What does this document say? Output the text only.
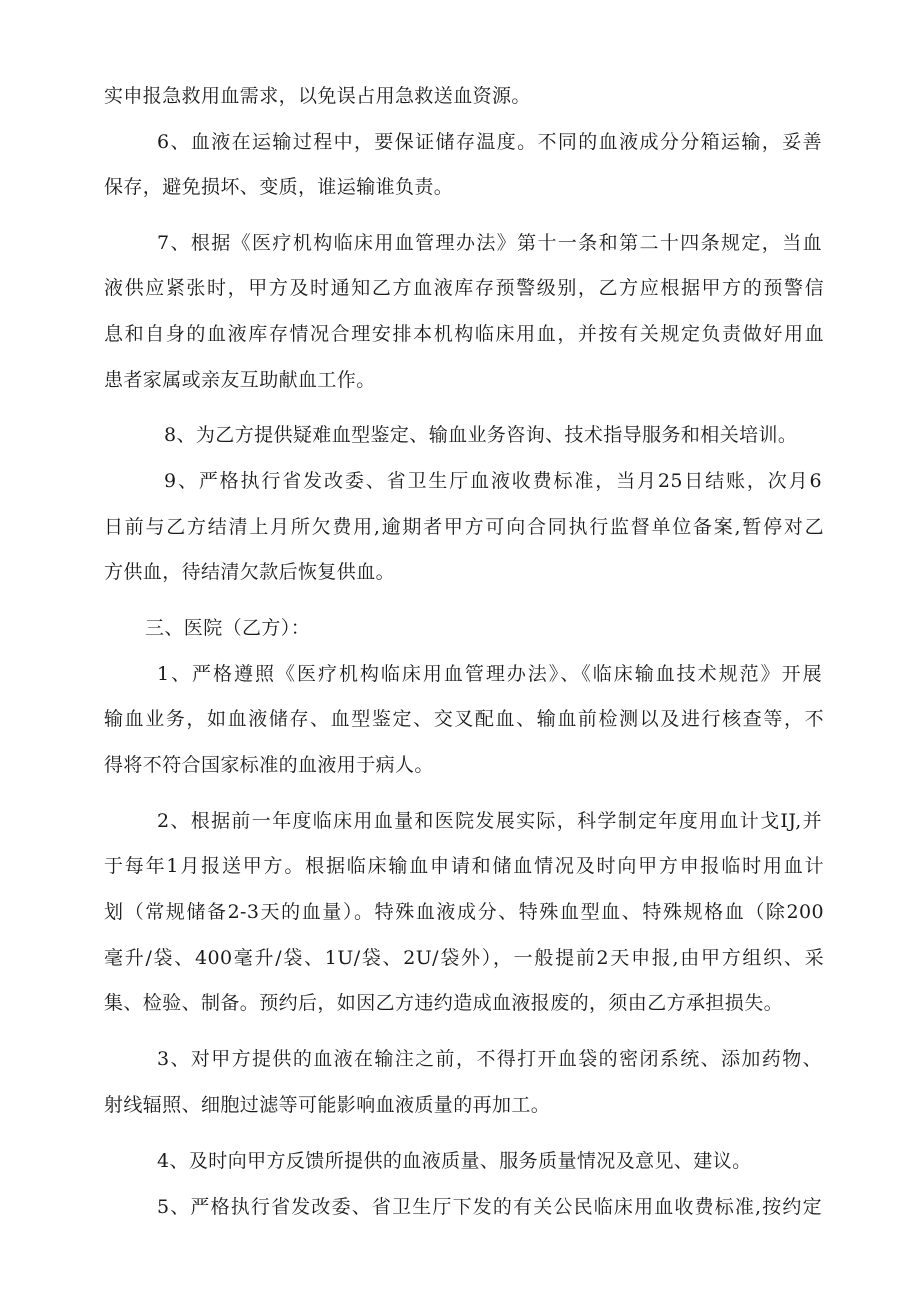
实申报急救用血需求，以免误占用急救送血资源。
6、血液在运输过程中，要保证储存温度。不同的血液成分分箱运输，妥善
保存，避免损坏、变质，谁运输谁负责。
7、根据《医疗机构临床用血管理办法》第十一条和第二十四条规定，当血
液供应紧张时，甲方及时通知乙方血液库存预警级别，乙方应根据甲方的预警信
息和自身的血液库存情况合理安排本机构临床用血，并按有关规定负责做好用血
患者家属或亲友互助献血工作。
8、为乙方提供疑难血型鉴定、输血业务咨询、技术指导服务和相关培训。
9、严格执行省发改委、省卫生厅血液收费标准，当月25日结账，次月6
日前与乙方结清上月所欠费用,逾期者甲方可向合同执行监督单位备案,暂停对乙
方供血，待结清欠款后恢复供血。
三、医院（乙方）：
1、严格遵照《医疗机构临床用血管理办法》、《临床输血技术规范》开展
输血业务，如血液储存、血型鉴定、交叉配血、输血前检测以及进行核查等，不
得将不符合国家标准的血液用于病人。
2、根据前一年度临床用血量和医院发展实际，科学制定年度用血计戈IJ,并
于每年1月报送甲方。根据临床输血申请和储血情况及时向甲方申报临时用血计
划（常规储备2-3天的血量）。特殊血液成分、特殊血型血、特殊规格血（除200
毫升/袋、400毫升/袋、1U/袋、2U/袋外），一般提前2天申报,由甲方组织、采
集、检验、制备。预约后，如因乙方违约造成血液报废的，须由乙方承担损失。
3、对甲方提供的血液在输注之前，不得打开血袋的密闭系统、添加药物、
射线辐照、细胞过滤等可能影响血液质量的再加工。
4、及时向甲方反馈所提供的血液质量、服务质量情况及意见、建议。
5、严格执行省发改委、省卫生厅下发的有关公民临床用血收费标准,按约定
